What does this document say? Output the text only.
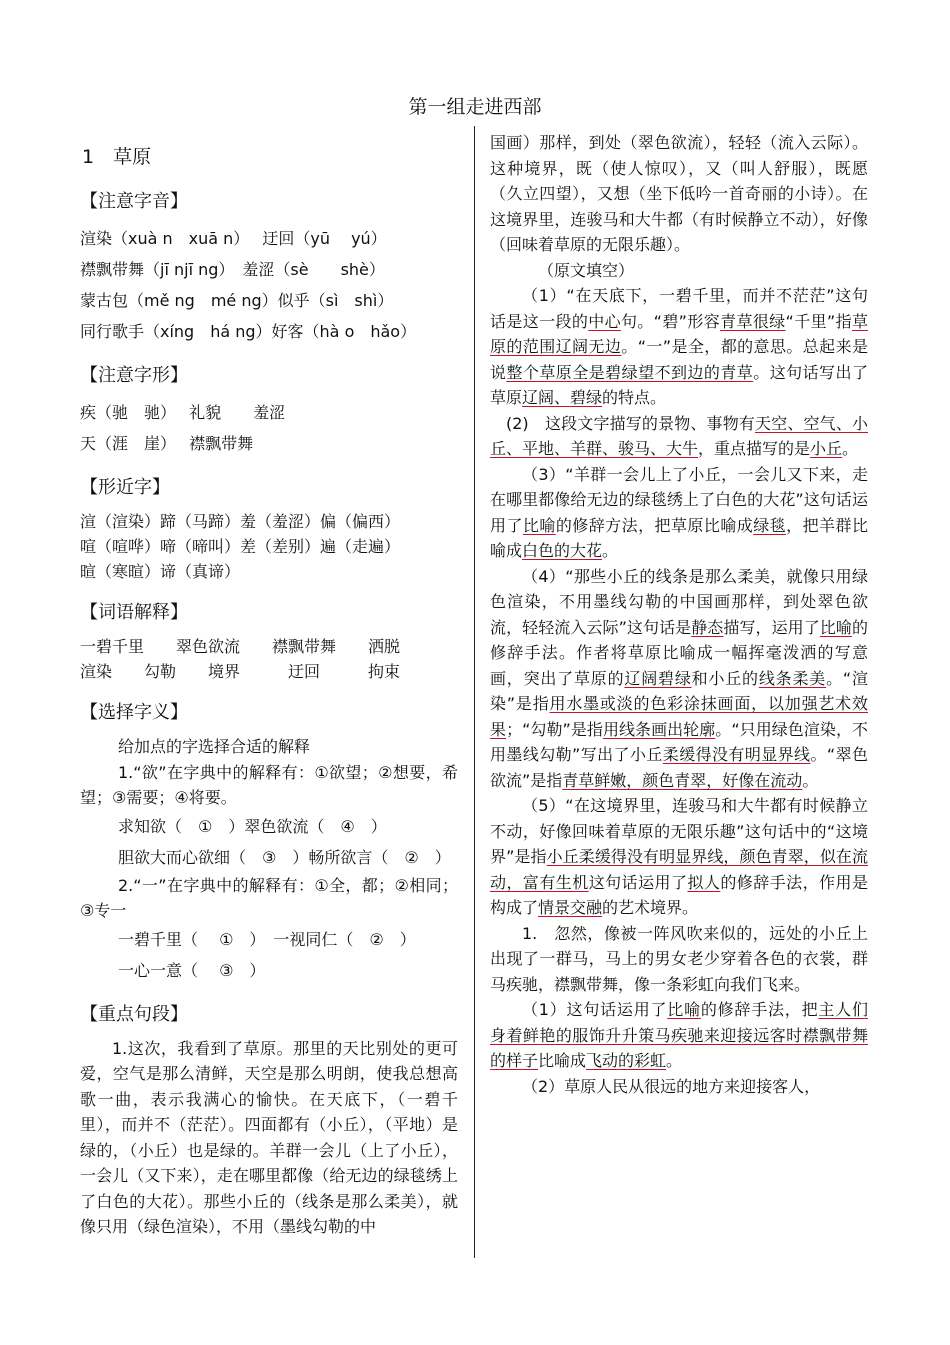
第一组走进西部
1　草原
【注意字音】
渲染（xuà n　xuā n）　 迂回（yū　 yú）
襟飘带舞（jī njī ng）　羞涩（sè　　shè）
蒙古包（mě ng　mé ng）似乎（sì　shì）
同行歌手（xíng　há ng）好客（hà o　hǎo）
【注意字形】
疾（驰　驰）　 礼貌　　羞涩
天（涯　崖）　 襟飘带舞
【形近字】
渲（渲染）蹄（马蹄）羞（羞涩）偏（偏西）
喧（喧哗）啼（啼叫）差（差别）遍（走遍）
暄（寒暄）谛（真谛）
【词语解释】
一碧千里　　翠色欲流　　襟飘带舞　　洒脱
渲染　　勾勒　　境界　　　迂回　　　拘束
【选择字义】
给加点的字选择合适的解释
1.“欲”在字典中的解释有：①欲望；②想要，希望；③需要；④将要。
求知欲（　①　）翠色欲流（　④　）
胆欲大而心欲细（　③　）畅所欲言（　②　）
2.“一”在字典中的解释有：①全，都；②相同；③专一
一碧千里（　 ①　）　一视同仁（　②　）
一心一意（　 ③　）
【重点句段】
1.这次，我看到了草原。那里的天比别处的更可爱，空气是那么清鲜，天空是那么明朗，使我总想高歌一曲，表示我满心的愉快。在天底下，（一碧千里），而并不（茫茫）。四面都有（小丘），（平地）是绿的，（小丘）也是绿的。羊群一会儿（上了小丘），一会儿（又下来），走在哪里都像（给无边的绿毯绣上了白色的大花）。那些小丘的（线条是那么柔美），就像只用（绿色渲染），不用（墨线勾勒的中
国画）那样，到处（翠色欲流），轻轻（流入云际）。这种境界，既（使人惊叹），又（叫人舒服），既愿（久立四望），又想（坐下低吟一首奇丽的小诗）。在这境界里，连骏马和大牛都（有时候静立不动），好像（回味着草原的无限乐趣）。
（原文填空）
（1）“在天底下，一碧千里，而并不茫茫”这句话是这一段的中心句。“碧”形容青草很绿“千里”指草原的范围辽阔无边。“一”是全，都的意思。总起来是说整个草原全是碧绿望不到边的青草。这句话写出了草原辽阔、碧绿的特点。
(2)　这段文字描写的景物、事物有天空、空气、小丘、平地、羊群、骏马、大牛，重点描写的是小丘。
（3）“羊群一会儿上了小丘，一会儿又下来，走在哪里都像给无边的绿毯绣上了白色的大花”这句话运用了比喻的修辞方法，把草原比喻成绿毯，把羊群比喻成白色的大花。
（4）“那些小丘的线条是那么柔美，就像只用绿色渲染，不用墨线勾勒的中国画那样，到处翠色欲流，轻轻流入云际”这句话是静态描写，运用了比喻的修辞手法。作者将草原比喻成一幅挥毫泼洒的写意画，突出了草原的辽阔碧绿和小丘的线条柔美。“渲染”是指用水墨或淡的色彩涂抹画面，以加强艺术效果；“勾勒”是指用线条画出轮廓。“只用绿色渲染，不用墨线勾勒”写出了小丘柔缓得没有明显界线。“翠色欲流”是指青草鲜嫩，颜色青翠，好像在流动。
（5）“在这境界里，连骏马和大牛都有时候静立不动，好像回味着草原的无限乐趣”这句话中的“这境界”是指小丘柔缓得没有明显界线，颜色青翠，似在流动，富有生机这句话运用了拟人的修辞手法，作用是构成了情景交融的艺术境界。
1.　忽然，像被一阵风吹来似的，远处的小丘上出现了一群马，马上的男女老少穿着各色的衣裳，群马疾驰，襟飘带舞，像一条彩虹向我们飞来。
（1）这句话运用了比喻的修辞手法，把主人们身着鲜艳的服饰升升策马疾驰来迎接远客时襟飘带舞的样子比喻成飞动的彩虹。
（2）草原人民从很远的地方来迎接客人，
